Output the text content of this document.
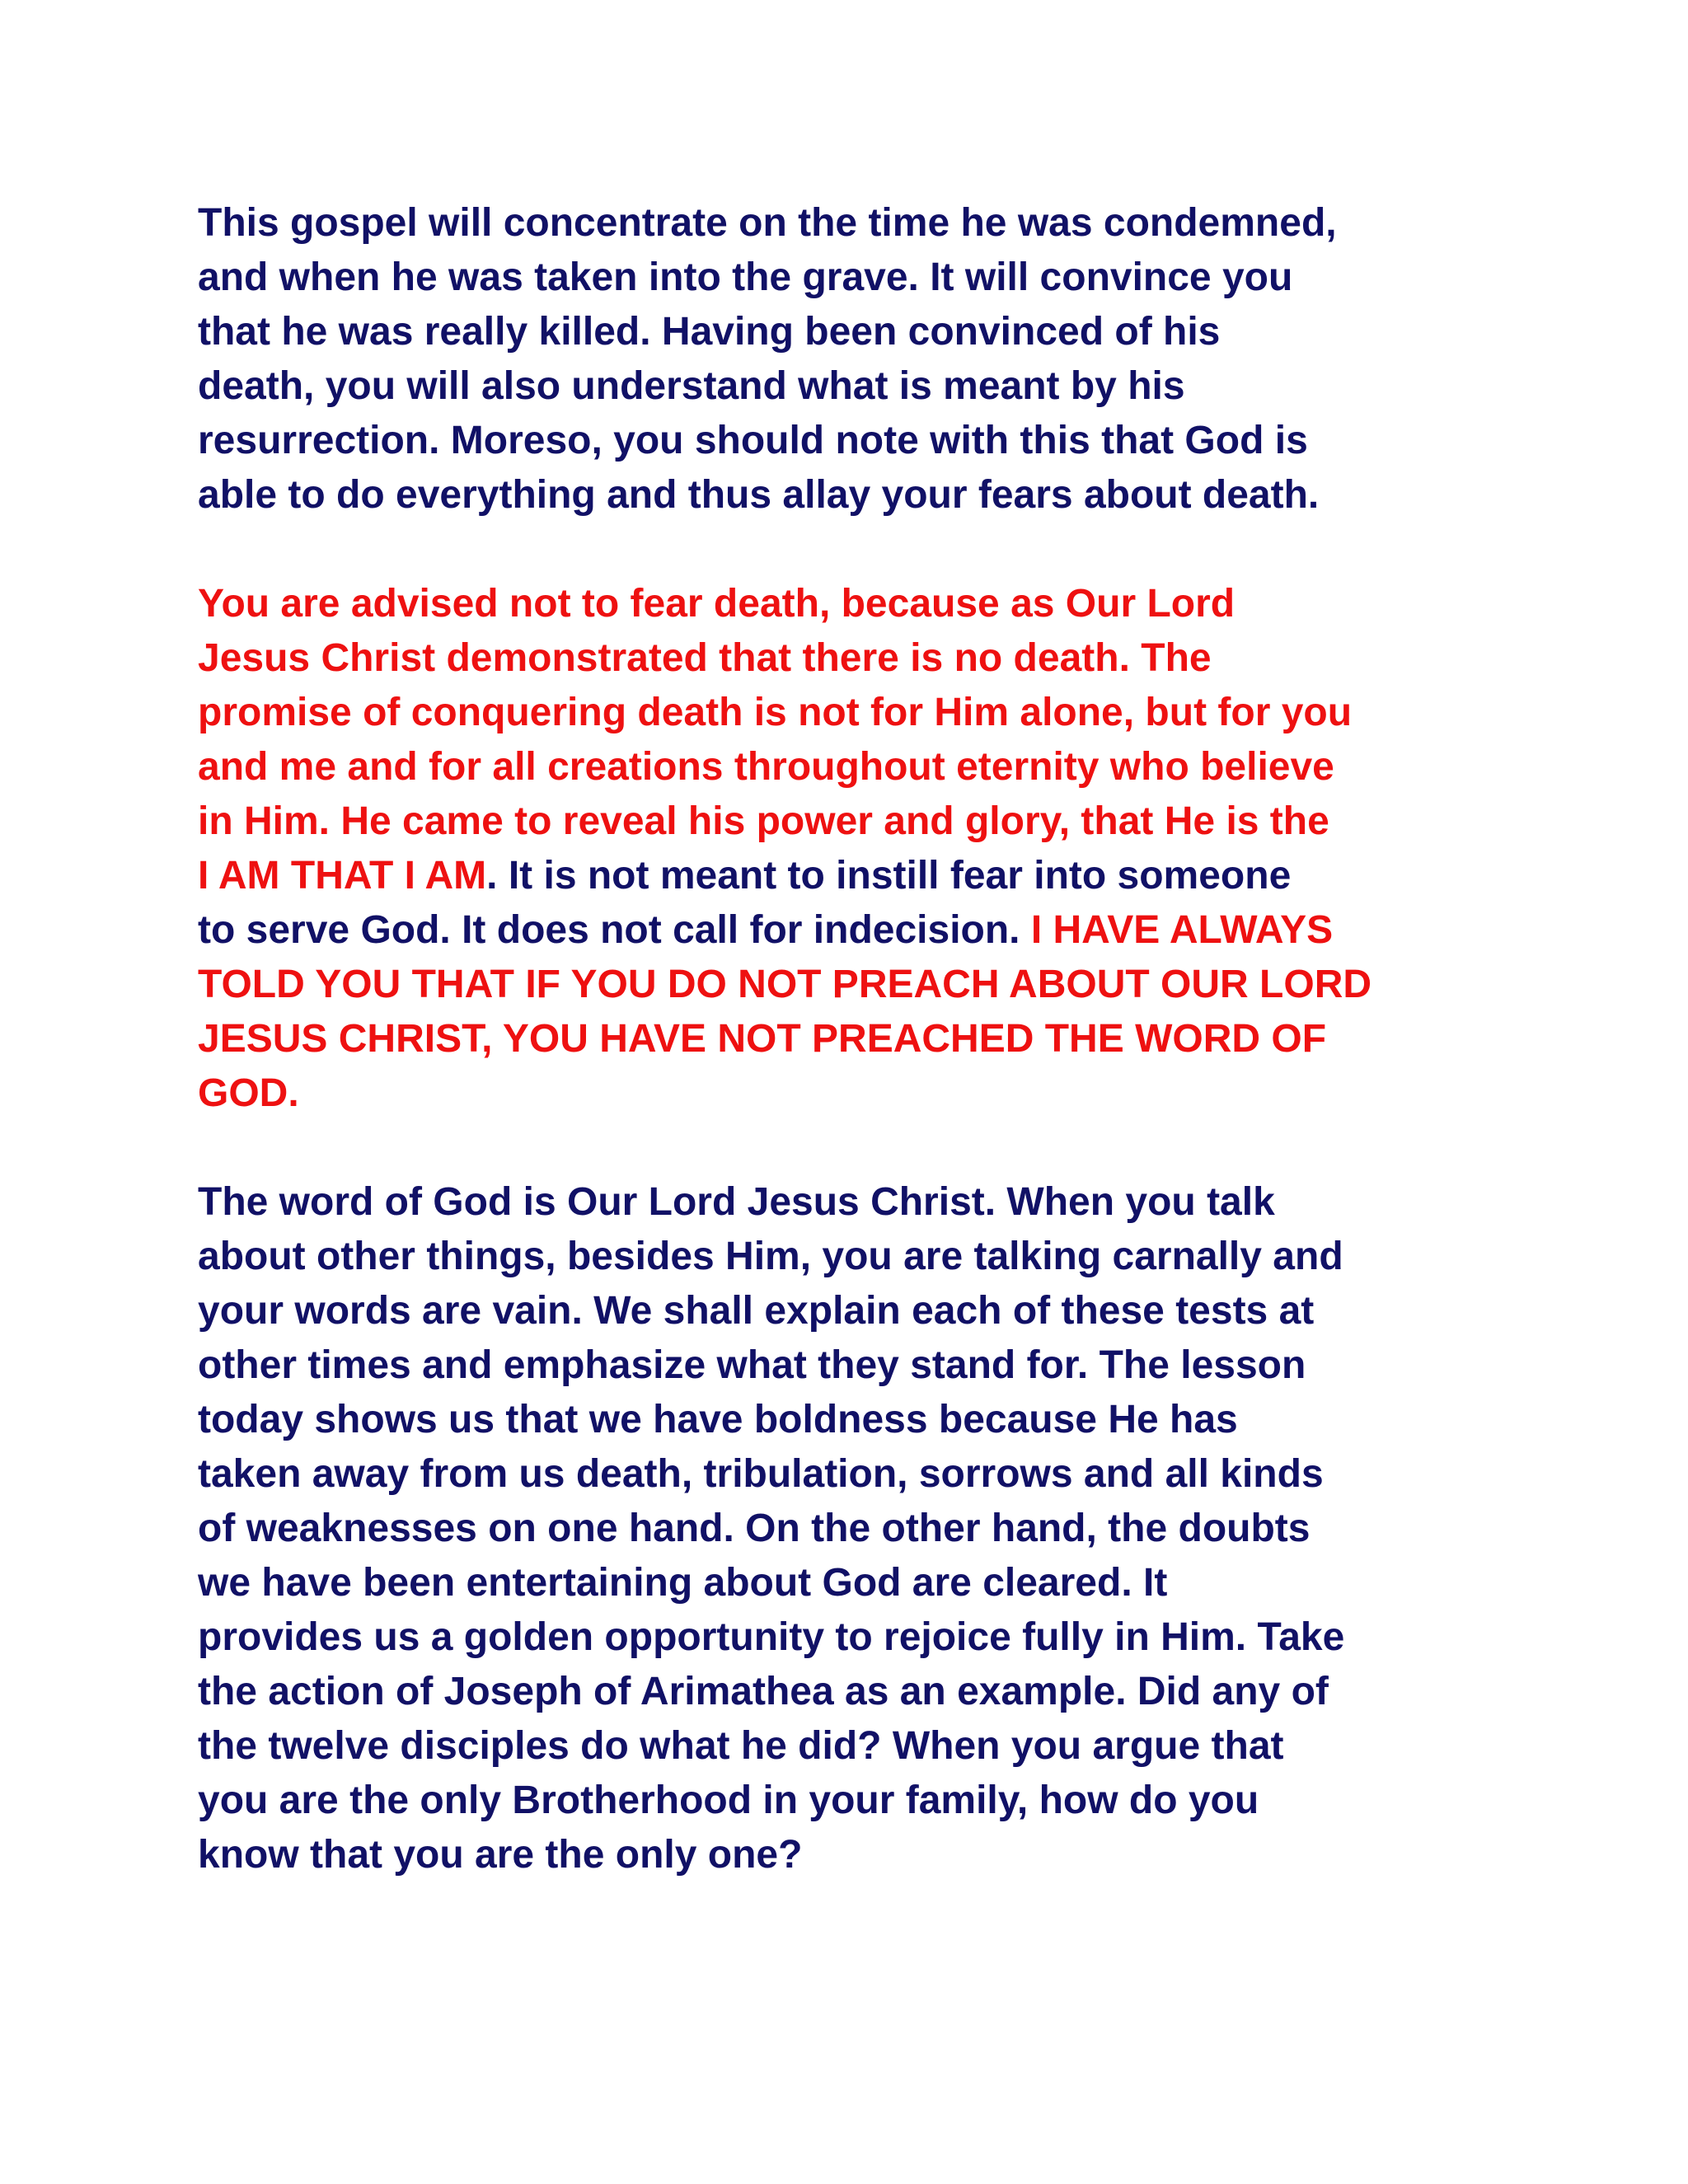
This gospel will concentrate on the time he was condemned,
and when he was taken into the grave. It will convince you
that he was really killed. Having been convinced of his
death, you will also understand what is meant by his
resurrection. Moreso, you should note with this that God is
able to do everything and thus allay your fears about death.

You are advised not to fear death, because as Our Lord
Jesus Christ demonstrated that there is no death. The
promise of conquering death is not for Him alone, but for you
and me and for all creations throughout eternity who believe
in Him. He came to reveal his power and glory, that He is the
I AM THAT I AM. It is not meant to instill fear into someone
to serve God. It does not call for indecision. I HAVE ALWAYS
TOLD YOU THAT IF YOU DO NOT PREACH ABOUT OUR LORD
JESUS CHRIST, YOU HAVE NOT PREACHED THE WORD OF
GOD.

The word of God is Our Lord Jesus Christ. When you talk
about other things, besides Him, you are talking carnally and
your words are vain. We shall explain each of these tests at
other times and emphasize what they stand for. The lesson
today shows us that we have boldness because He has
taken away from us death, tribulation, sorrows and all kinds
of weaknesses on one hand. On the other hand, the doubts
we have been entertaining about God are cleared. It
provides us a golden opportunity to rejoice fully in Him. Take
the action of Joseph of Arimathea as an example. Did any of
the twelve disciples do what he did? When you argue that
you are the only Brotherhood in your family, how do you
know that you are the only one?
